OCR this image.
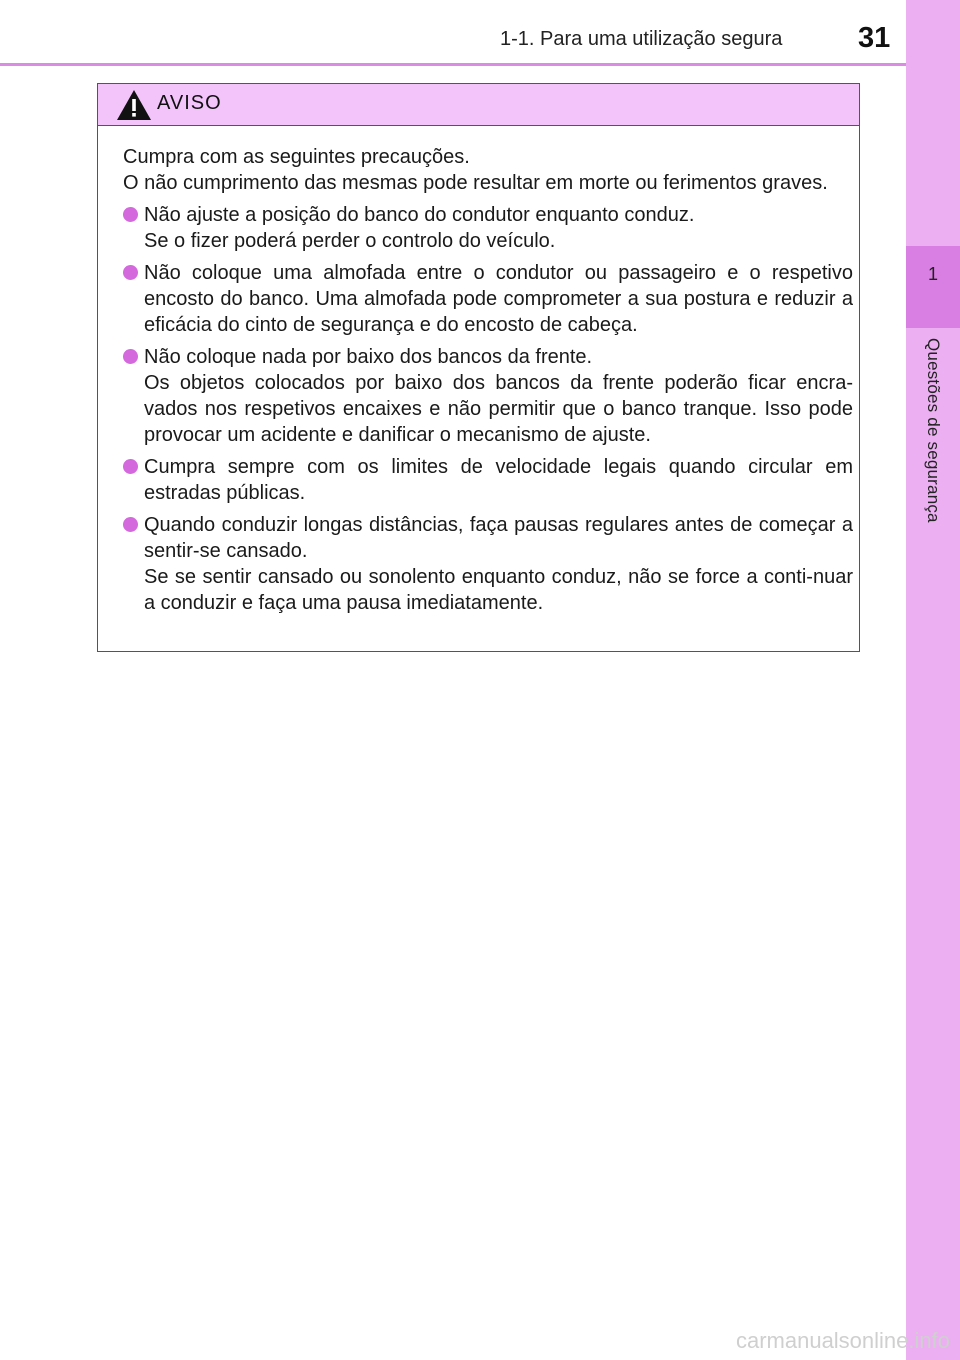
1
Questões de segurança
1-1. Para uma utilização segura	31
AVISO

Cumpra com as seguintes precauções.

O não cumprimento das mesmas pode resultar em morte ou ferimentos graves.

Não ajuste a posição do banco do condutor enquanto conduz.

Se o fizer poderá perder o controlo do veículo.

Não coloque uma almofada entre o condutor ou passageiro e o respetivo encosto do banco. Uma almofada pode comprometer a sua postura e reduzir a eficácia do cinto de segurança e do encosto de cabeça.

Não coloque nada por baixo dos bancos da frente.

Os objetos colocados por baixo dos bancos da frente poderão ficar encra-vados nos respetivos encaixes e não permitir que o banco tranque. Isso pode provocar um acidente e danificar o mecanismo de ajuste.

Cumpra sempre com os limites de velocidade legais quando circular em estradas públicas.

Quando conduzir longas distâncias, faça pausas regulares antes de começar a sentir-se cansado.

Se se sentir cansado ou sonolento enquanto conduz, não se force a conti-nuar a conduzir e faça uma pausa imediatamente.

carmanualsonline.info
